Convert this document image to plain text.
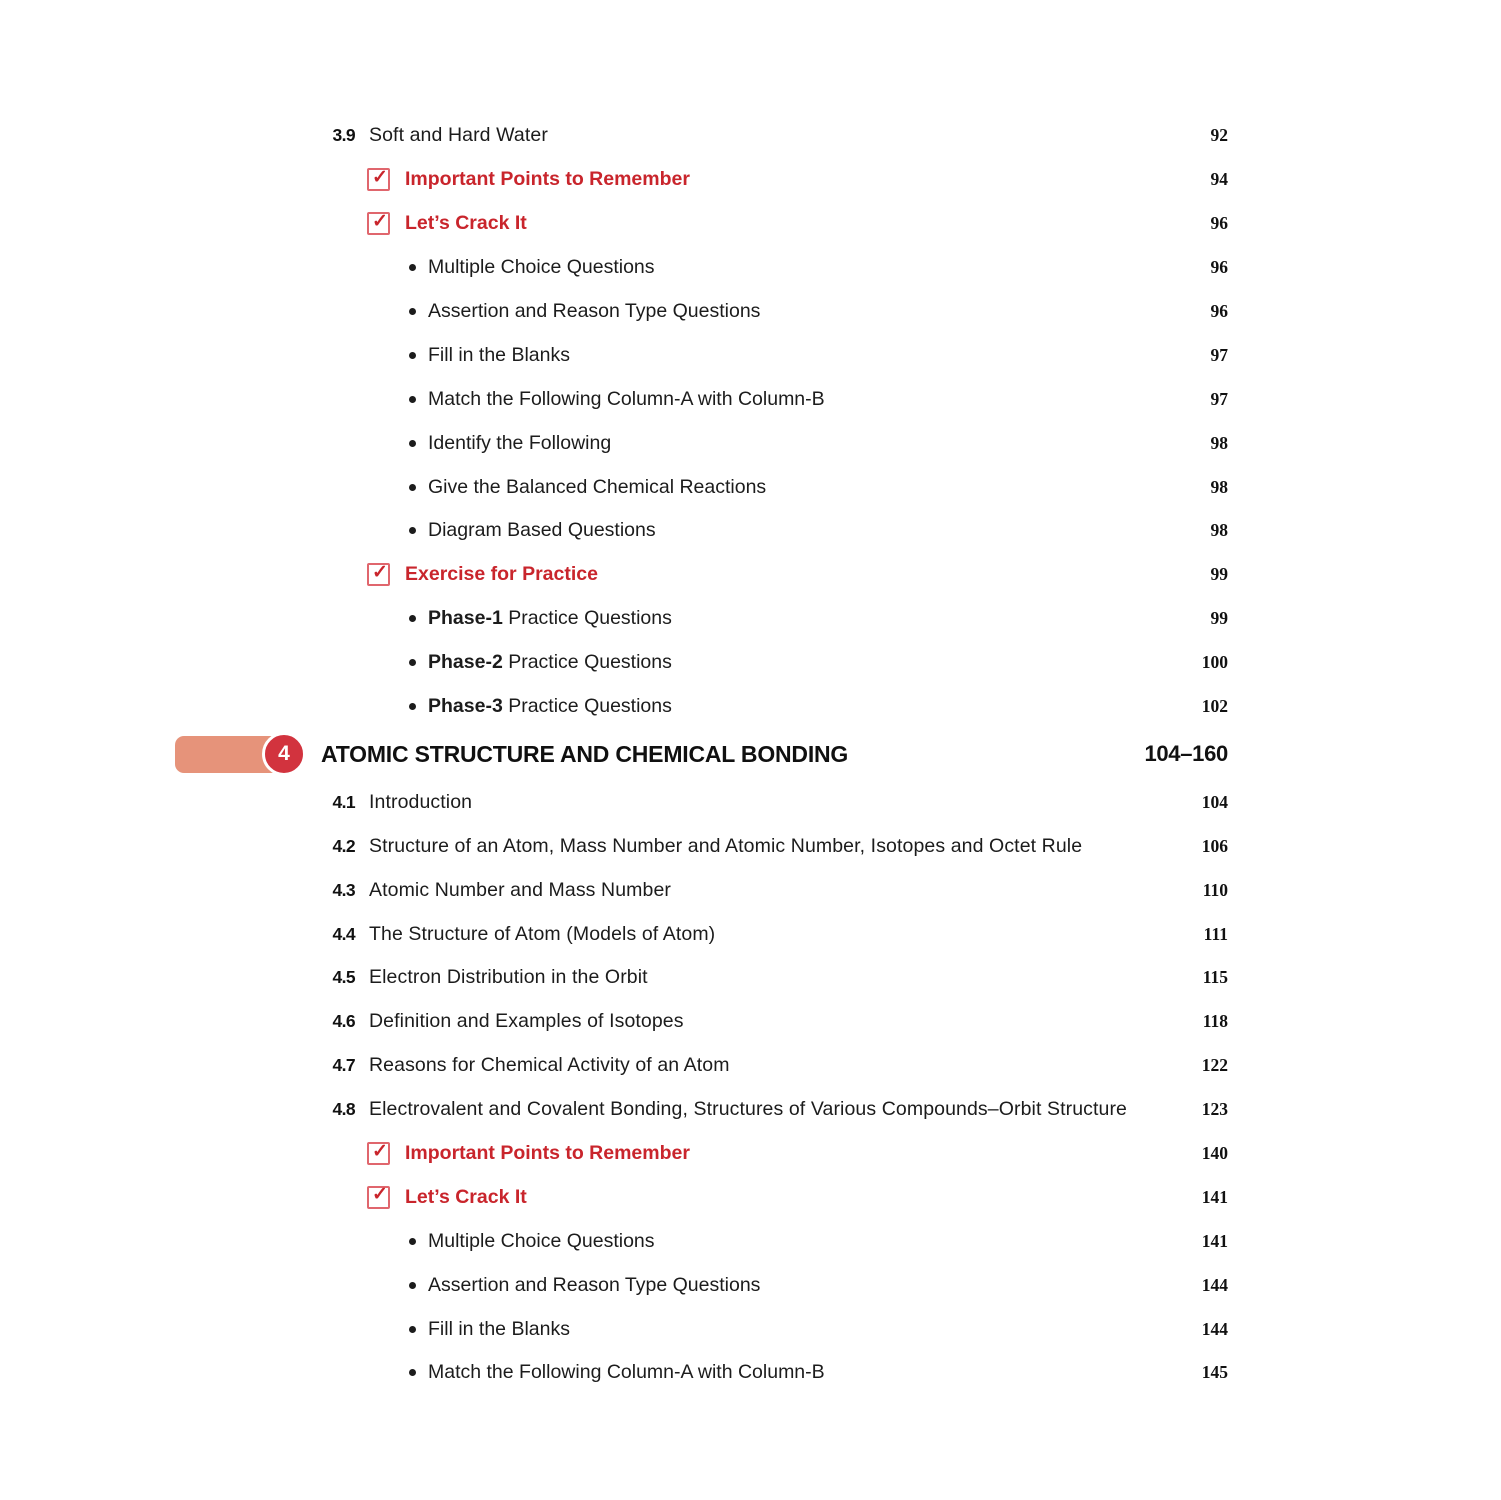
3.9 Soft and Hard Water	92
✓ Important Points to Remember	94
✓ Let’s Crack It	96
Multiple Choice Questions	96
Assertion and Reason Type Questions	96
Fill in the Blanks	97
Match the Following Column-A with Column-B	97
Identify the Following	98
Give the Balanced Chemical Reactions	98
Diagram Based Questions	98
✓ Exercise for Practice	99
Phase-1 Practice Questions	99
Phase-2 Practice Questions	100
Phase-3 Practice Questions	102
4	ATOMIC STRUCTURE AND CHEMICAL BONDING	104–160
4.1 Introduction	104
4.2 Structure of an Atom, Mass Number and Atomic Number, Isotopes and Octet Rule	106
4.3 Atomic Number and Mass Number	110
4.4 The Structure of Atom (Models of Atom)	111
4.5 Electron Distribution in the Orbit	115
4.6 Definition and Examples of Isotopes	118
4.7 Reasons for Chemical Activity of an Atom	122
4.8 Electrovalent and Covalent Bonding, Structures of Various Compounds–Orbit Structure	123
✓ Important Points to Remember	140
✓ Let’s Crack It	141
Multiple Choice Questions	141
Assertion and Reason Type Questions	144
Fill in the Blanks	144
Match the Following Column-A with Column-B	145
